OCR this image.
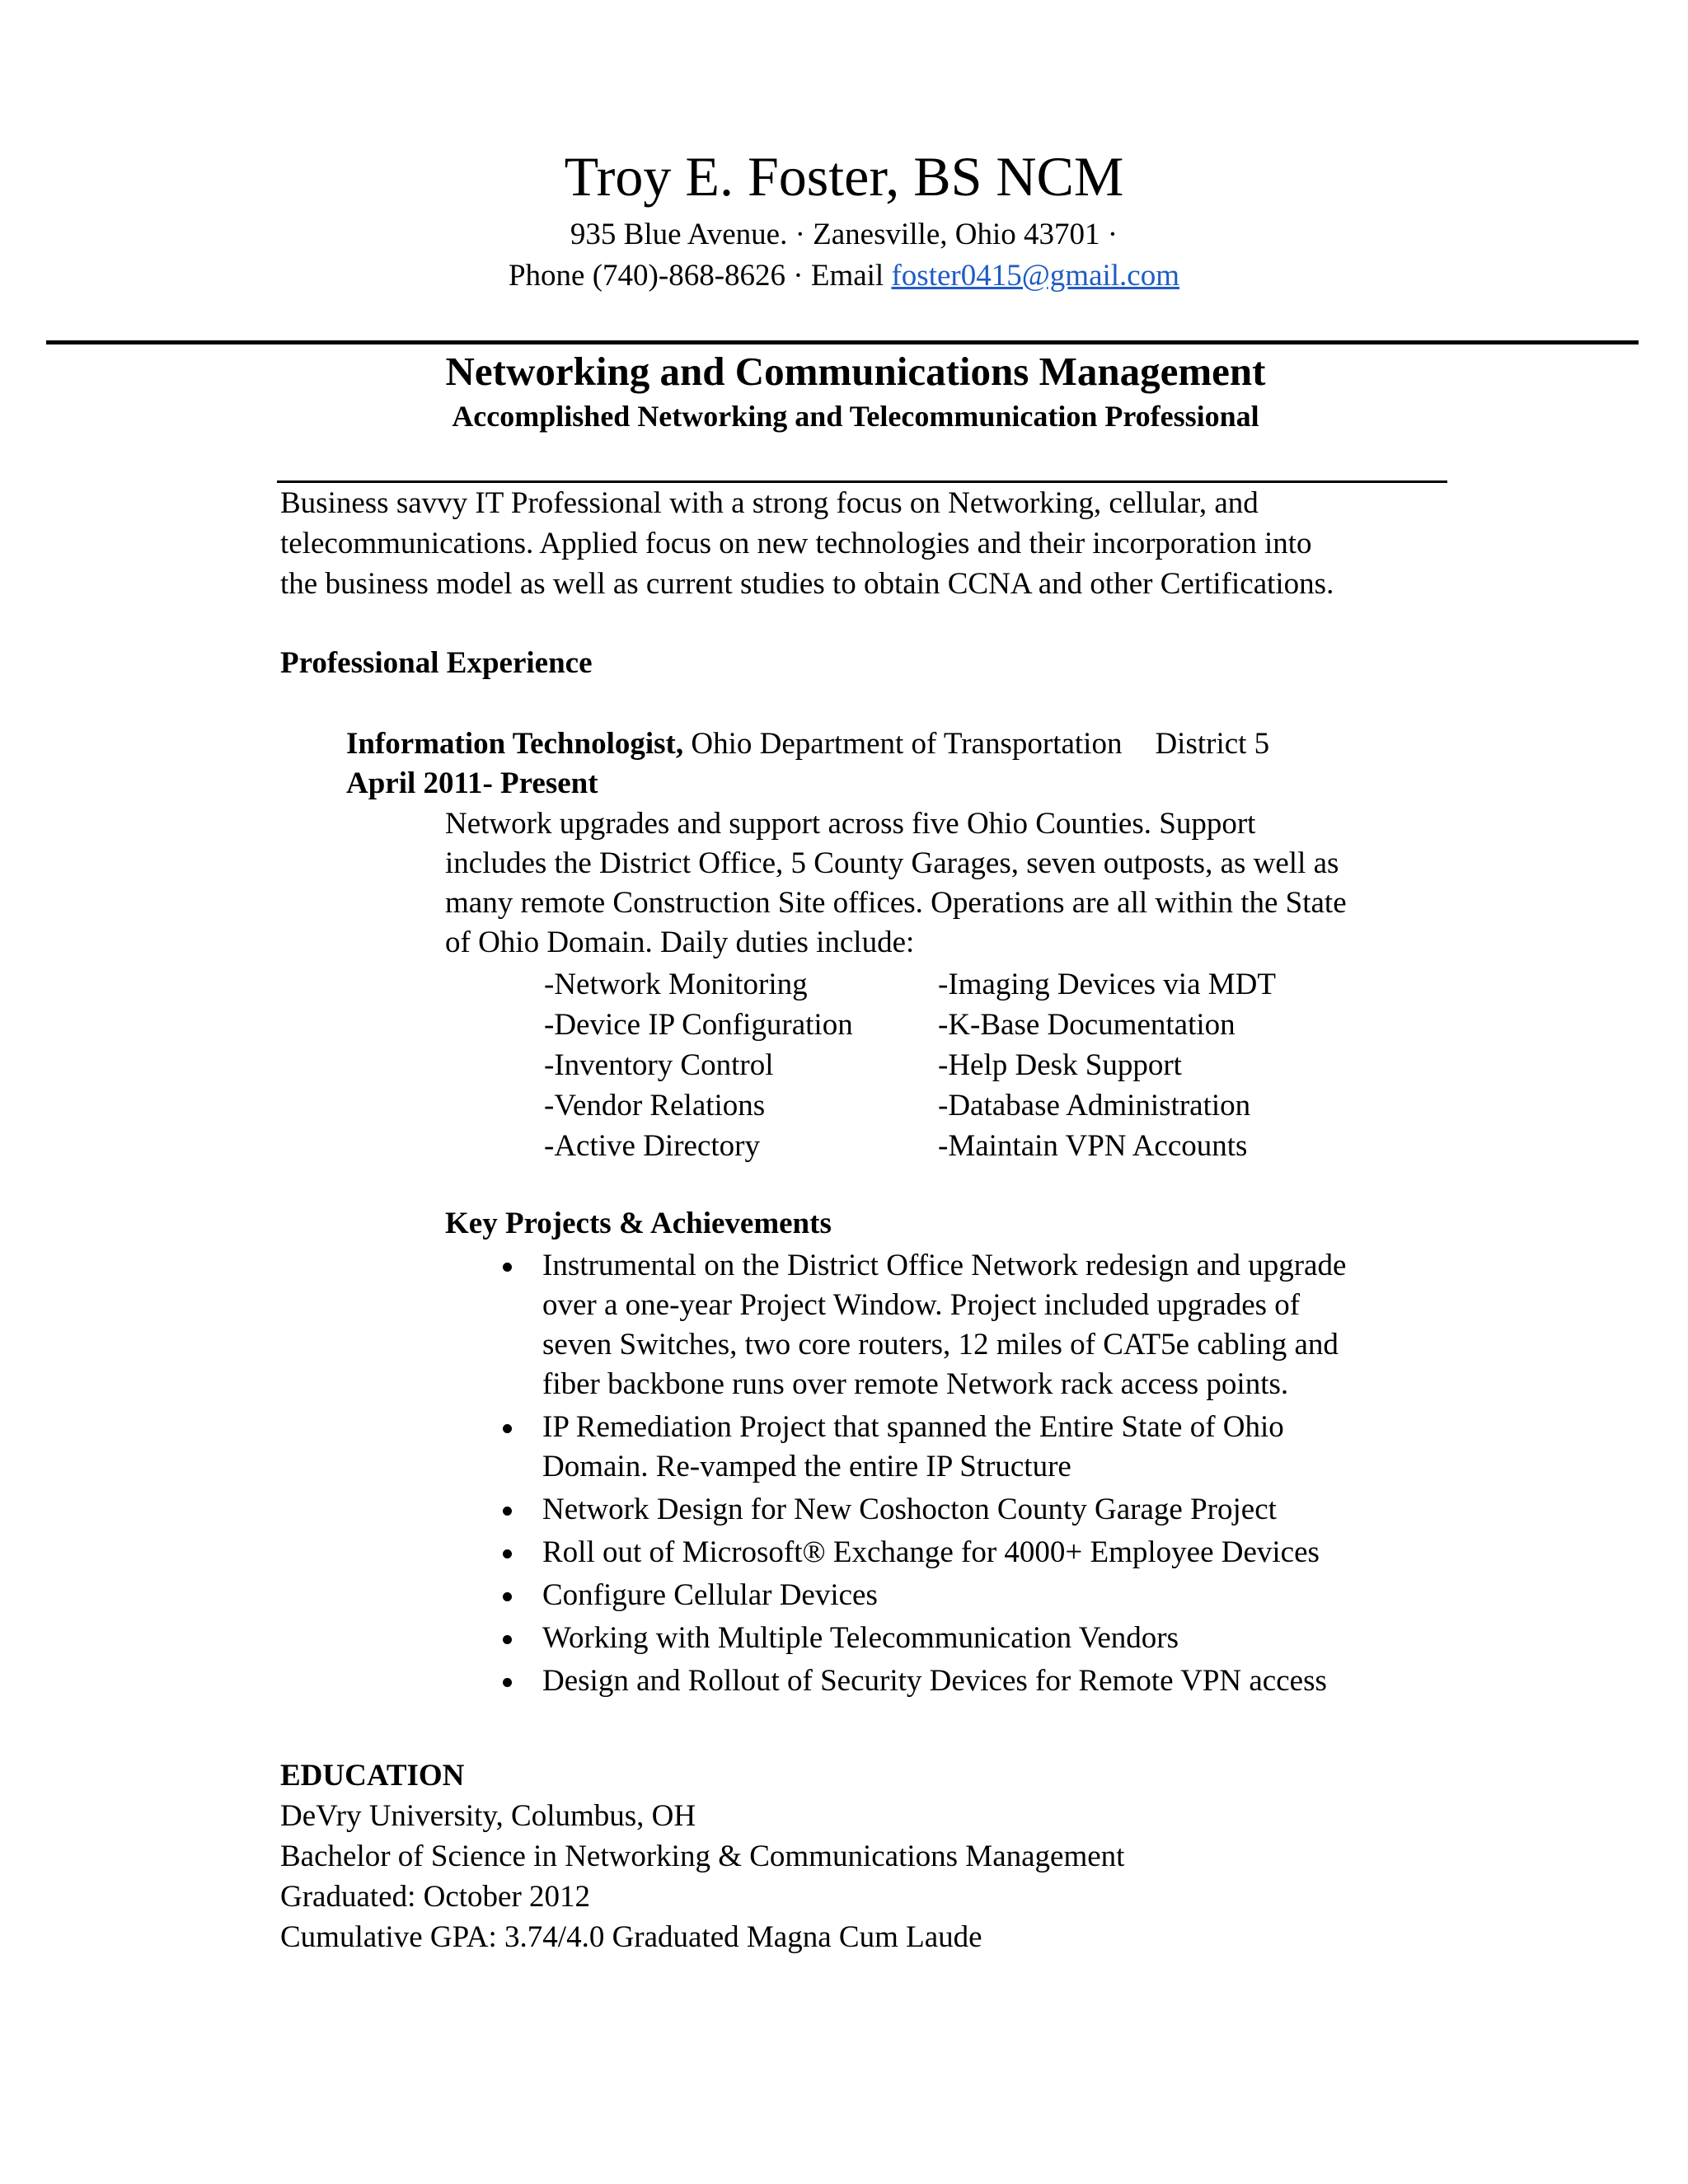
Troy E. Foster, BS NCM
935 Blue Avenue. · Zanesville, Ohio 43701 ·
Phone (740)-868-8626 · Email foster0415@gmail.com
Networking and Communications Management
Accomplished Networking and Telecommunication Professional
Business savvy IT Professional with a strong focus on Networking, cellular, and
telecommunications. Applied focus on new technologies and their incorporation into
the business model as well as current studies to obtain CCNA and other Certifications.
Professional Experience
Information Technologist, Ohio Department of Transportation District 5
April 2011- Present
Network upgrades and support across five Ohio Counties. Support
includes the District Office, 5 County Garages, seven outposts, as well as
many remote Construction Site offices. Operations are all within the State
of Ohio Domain. Daily duties include:
-Network Monitoring	-Imaging Devices via MDT
-Device IP Configuration	-K-Base Documentation
-Inventory Control	-Help Desk Support
-Vendor Relations	-Database Administration
-Active Directory	-Maintain VPN Accounts
Key Projects & Achievements
Instrumental on the District Office Network redesign and upgrade
over a one-year Project Window. Project included upgrades of
seven Switches, two core routers, 12 miles of CAT5e cabling and
fiber backbone runs over remote Network rack access points.
IP Remediation Project that spanned the Entire State of Ohio
Domain. Re-vamped the entire IP Structure
Network Design for New Coshocton County Garage Project
Roll out of Microsoft® Exchange for 4000+ Employee Devices
Configure Cellular Devices
Working with Multiple Telecommunication Vendors
Design and Rollout of Security Devices for Remote VPN access
EDUCATION
DeVry University, Columbus, OH
Bachelor of Science in Networking & Communications Management
Graduated: October 2012
Cumulative GPA: 3.74/4.0 Graduated Magna Cum Laude
